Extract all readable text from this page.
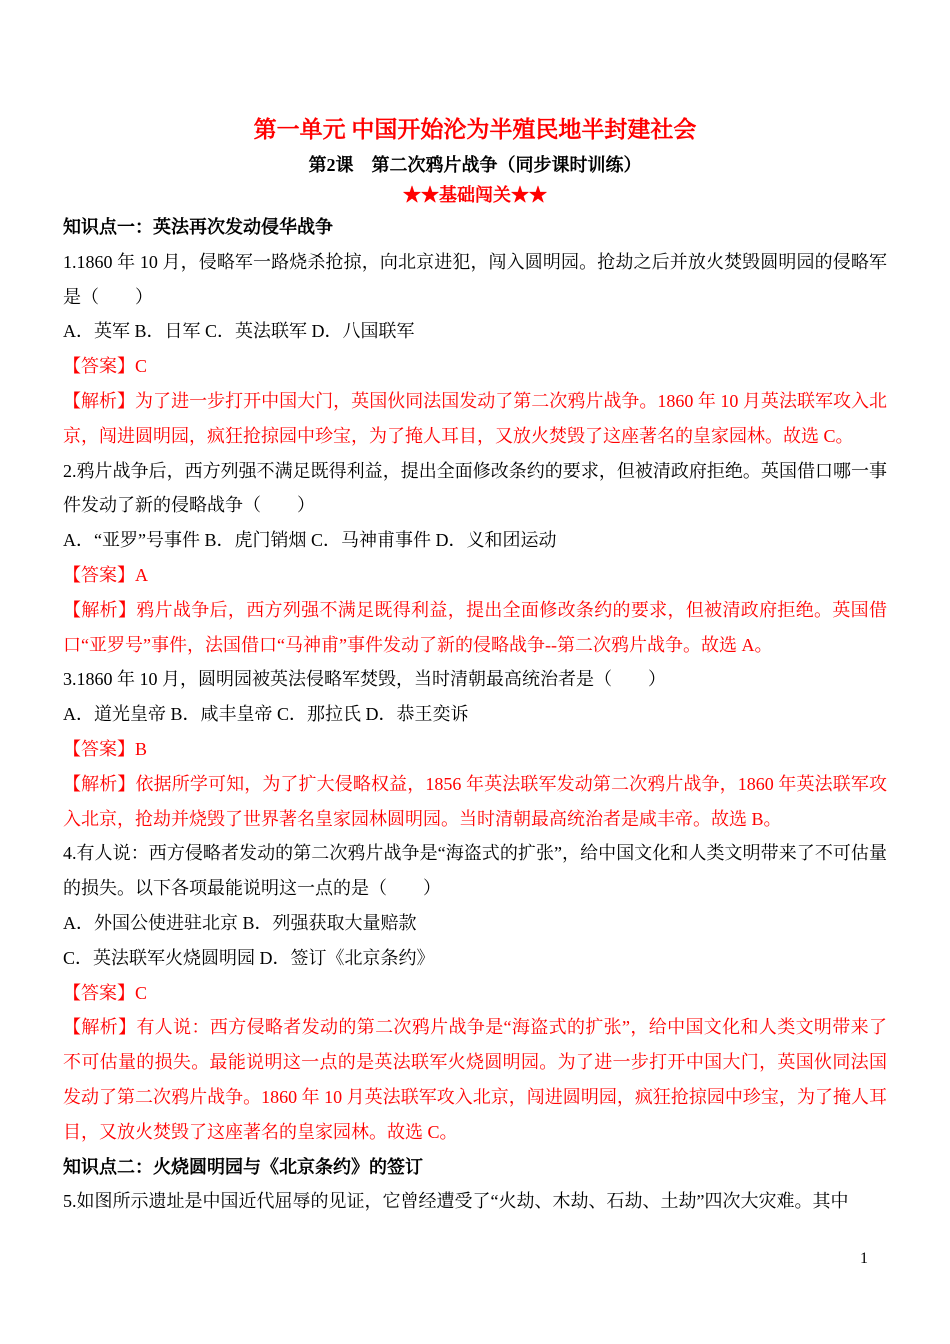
第一单元 中国开始沦为半殖民地半封建社会
第2课　第二次鸦片战争（同步课时训练）
★★基础闯关★★

知识点一：英法再次发动侵华战争

1.1860 年 10 月，侵略军一路烧杀抢掠，向北京进犯，闯入圆明园。抢劫之后并放火焚毁圆明园的侵略军是（　　）

A．英军 B．日军 C．英法联军 D．八国联军

【答案】C

【解析】为了进一步打开中国大门，英国伙同法国发动了第二次鸦片战争。1860 年 10 月英法联军攻入北京，闯进圆明园，疯狂抢掠园中珍宝，为了掩人耳目，又放火焚毁了这座著名的皇家园林。故选 C。

2.鸦片战争后，西方列强不满足既得利益，提出全面修改条约的要求，但被清政府拒绝。英国借口哪一事件发动了新的侵略战争（　　）

A．“亚罗”号事件 B．虎门销烟 C．马神甫事件 D．义和团运动

【答案】A

【解析】鸦片战争后，西方列强不满足既得利益，提出全面修改条约的要求，但被清政府拒绝。英国借口“亚罗号”事件，法国借口“马神甫”事件发动了新的侵略战争--第二次鸦片战争。故选 A。

3.1860 年 10 月，圆明园被英法侵略军焚毁，当时清朝最高统治者是（　　）

A．道光皇帝 B．咸丰皇帝 C．那拉氏 D．恭王奕诉

【答案】B

【解析】依据所学可知，为了扩大侵略权益，1856 年英法联军发动第二次鸦片战争，1860 年英法联军攻入北京，抢劫并烧毁了世界著名皇家园林圆明园。当时清朝最高统治者是咸丰帝。故选 B。

4.有人说：西方侵略者发动的第二次鸦片战争是“海盗式的扩张”，给中国文化和人类文明带来了不可估量的损失。以下各项最能说明这一点的是（　　）

A．外国公使进驻北京 B．列强获取大量赔款

C．英法联军火烧圆明园 D．签订《北京条约》

【答案】C

【解析】有人说：西方侵略者发动的第二次鸦片战争是“海盗式的扩张”，给中国文化和人类文明带来了不可估量的损失。最能说明这一点的是英法联军火烧圆明园。为了进一步打开中国大门，英国伙同法国发动了第二次鸦片战争。1860 年 10 月英法联军攻入北京，闯进圆明园，疯狂抢掠园中珍宝，为了掩人耳目，又放火焚毁了这座著名的皇家园林。故选 C。

知识点二：火烧圆明园与《北京条约》的签订

5.如图所示遗址是中国近代屈辱的见证，它曾经遭受了“火劫、木劫、石劫、土劫”四次大灾难。其中

1
